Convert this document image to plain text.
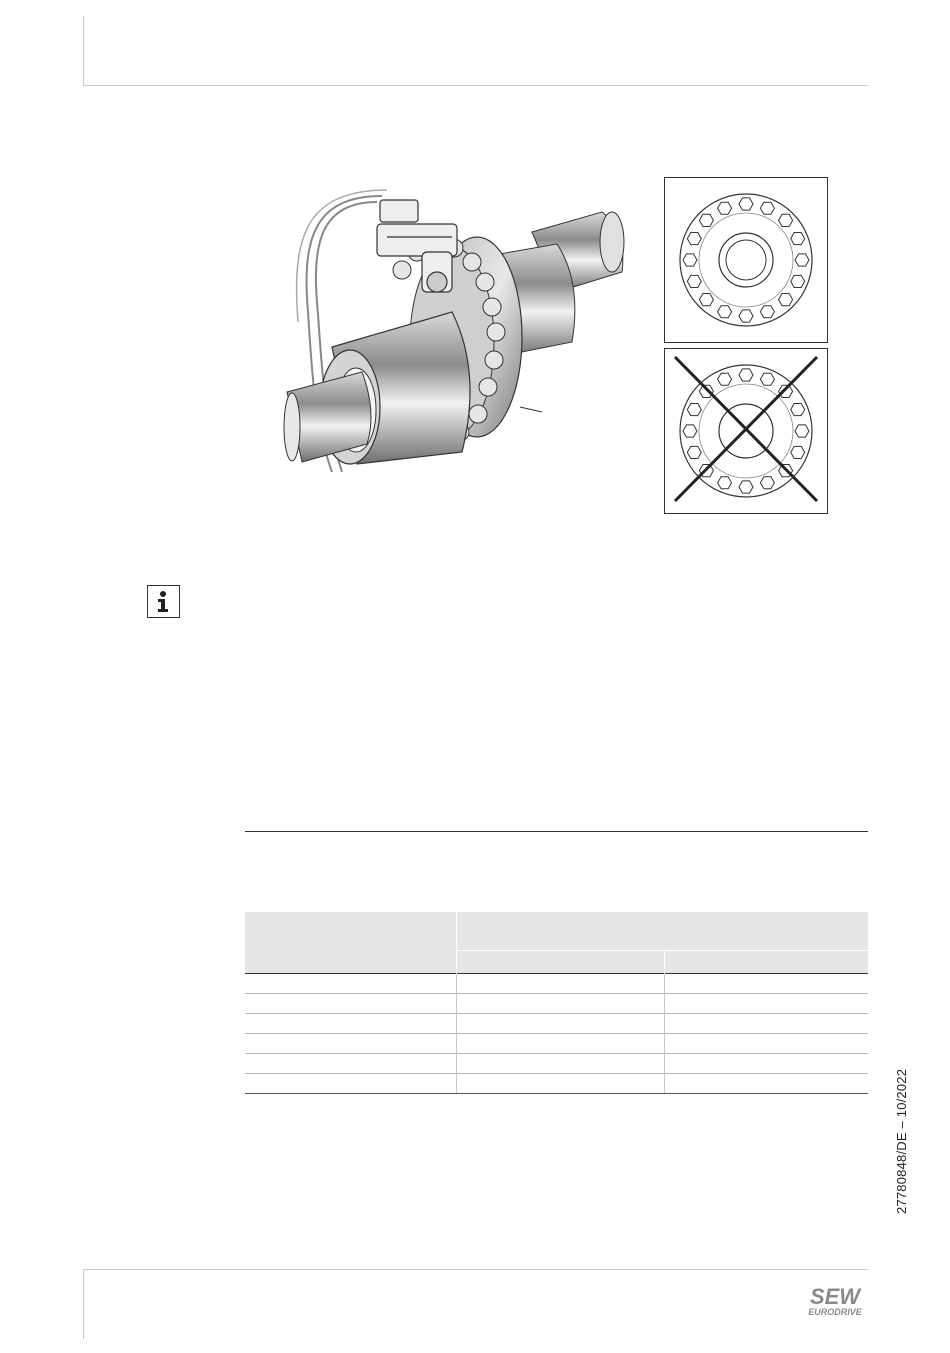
27780848/DE – 10/2022
SEW
EURODRIVE
